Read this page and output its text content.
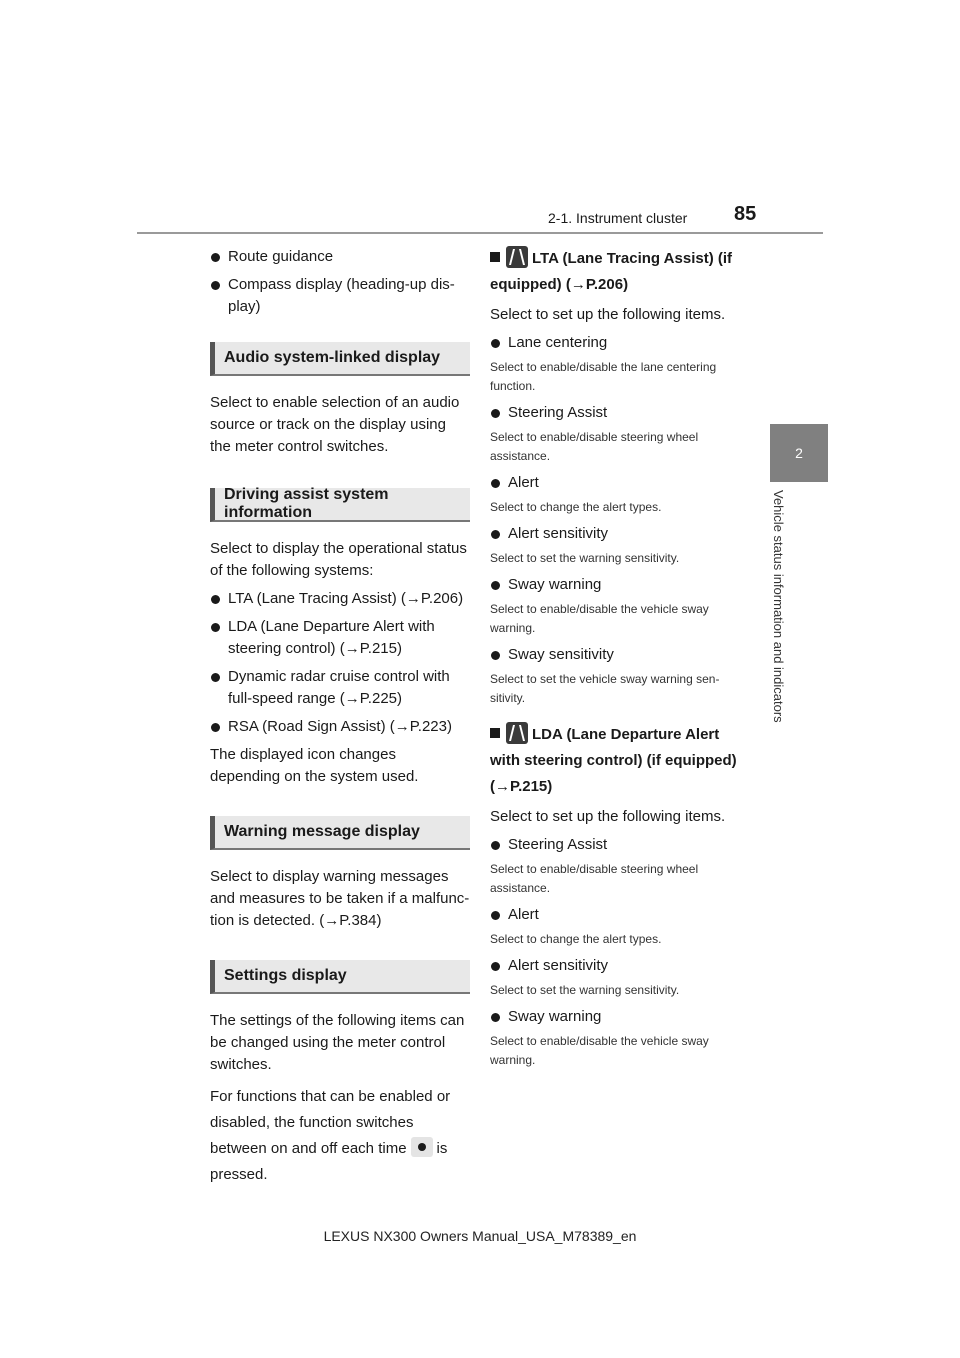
2-1. Instrument cluster 85
2
Vehicle status information and indicators

Route guidance

Compass display (heading-up dis-play)

Audio system-linked display

Select to enable selection of an audio source or track on the display using the meter control switches.

Driving assist system information

Select to display the operational status of the following systems:

LTA (Lane Tracing Assist) (→P.206)

LDA (Lane Departure Alert with steering control) (→P.215)

Dynamic radar cruise control with full-speed range (→P.225)

RSA (Road Sign Assist) (→P.223)

The displayed icon changes depending on the system used.

Warning message display

Select to display warning messages and measures to be taken if a malfunc-tion is detected. (→P.384)

Settings display

The settings of the following items can be changed using the meter control switches.

For functions that can be enabled or disabled, the function switches between on and off each time is pressed.

LTA (Lane Tracing Assist) (if equipped) (→P.206)

Select to set up the following items.

Lane centering

Select to enable/disable the lane centering function.

Steering Assist

Select to enable/disable steering wheel assistance.

Alert

Select to change the alert types.

Alert sensitivity

Select to set the warning sensitivity.

Sway warning

Select to enable/disable the vehicle sway warning.

Sway sensitivity

Select to set the vehicle sway warning sen-sitivity.

LDA (Lane Departure Alert with steering control) (if equipped) (→P.215)

Select to set up the following items.

Steering Assist

Select to enable/disable steering wheel assistance.

Alert

Select to change the alert types.

Alert sensitivity

Select to set the warning sensitivity.

Sway warning

Select to enable/disable the vehicle sway warning.

LEXUS NX300 Owners Manual_USA_M78389_en
